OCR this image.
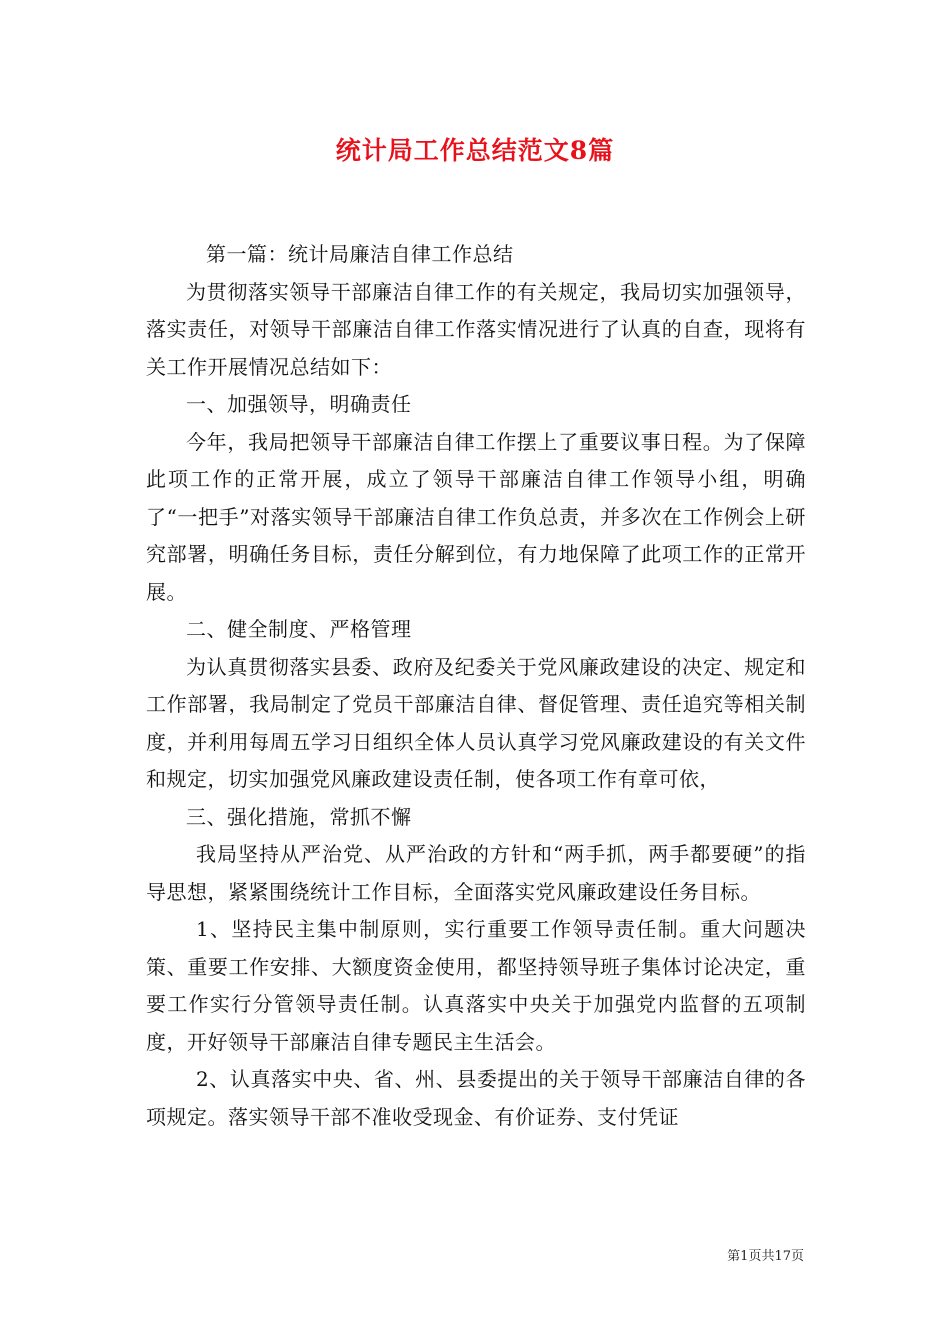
统计局工作总结范文8篇

第一篇：统计局廉洁自律工作总结

为贯彻落实领导干部廉洁自律工作的有关规定，我局切实加强领导，落实责任，对领导干部廉洁自律工作落实情况进行了认真的自查，现将有关工作开展情况总结如下：

一、加强领导，明确责任

今年，我局把领导干部廉洁自律工作摆上了重要议事日程。为了保障此项工作的正常开展，成立了领导干部廉洁自律工作领导小组，明确了“一把手”对落实领导干部廉洁自律工作负总责，并多次在工作例会上研究部署，明确任务目标，责任分解到位，有力地保障了此项工作的正常开展。

二、健全制度、严格管理

为认真贯彻落实县委、政府及纪委关于党风廉政建设的决定、规定和工作部署，我局制定了党员干部廉洁自律、督促管理、责任追究等相关制度，并利用每周五学习日组织全体人员认真学习党风廉政建设的有关文件和规定，切实加强党风廉政建设责任制，使各项工作有章可依，

三、强化措施，常抓不懈

我局坚持从严治党、从严治政的方针和“两手抓，两手都要硬”的指导思想，紧紧围绕统计工作目标，全面落实党风廉政建设任务目标。

1、坚持民主集中制原则，实行重要工作领导责任制。重大问题决策、重要工作安排、大额度资金使用，都坚持领导班子集体讨论决定，重要工作实行分管领导责任制。认真落实中央关于加强党内监督的五项制度，开好领导干部廉洁自律专题民主生活会。

2、认真落实中央、省、州、县委提出的关于领导干部廉洁自律的各项规定。落实领导干部不准收受现金、有价证券、支付凭证

第1页共17页
